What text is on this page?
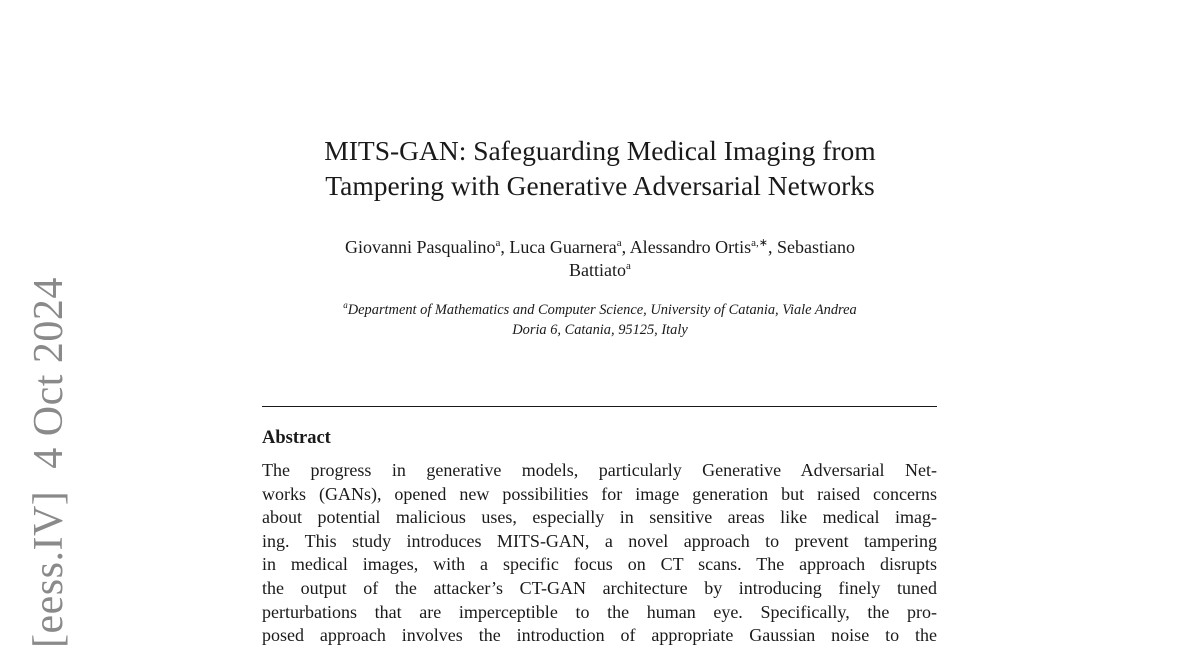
[eess.IV]4 Oct 2024
MITS-GAN: Safeguarding Medical Imaging from
Tampering with Generative Adversarial Networks

Giovanni Pasqualino$^a$, Luca Guarnera$^a$, Alessandro Ortis$^{a,∗}$, Sebastiano
Battiato$^a$

$^a$Department of Mathematics and Computer Science, University of Catania, Viale Andrea
Doria 6, Catania, 95125, Italy

Abstract
The progress in generative models, particularly Generative Adversarial Net-
works (GANs), opened new possibilities for image generation but raised concerns
about potential malicious uses, especially in sensitive areas like medical imag-
ing. This study introduces MITS-GAN, a novel approach to prevent tampering
in medical images, with a specific focus on CT scans. The approach disrupts
the output of the attacker’s CT-GAN architecture by introducing finely tuned
perturbations that are imperceptible to the human eye. Specifically, the pro-
posed approach involves the introduction of appropriate Gaussian noise to the
